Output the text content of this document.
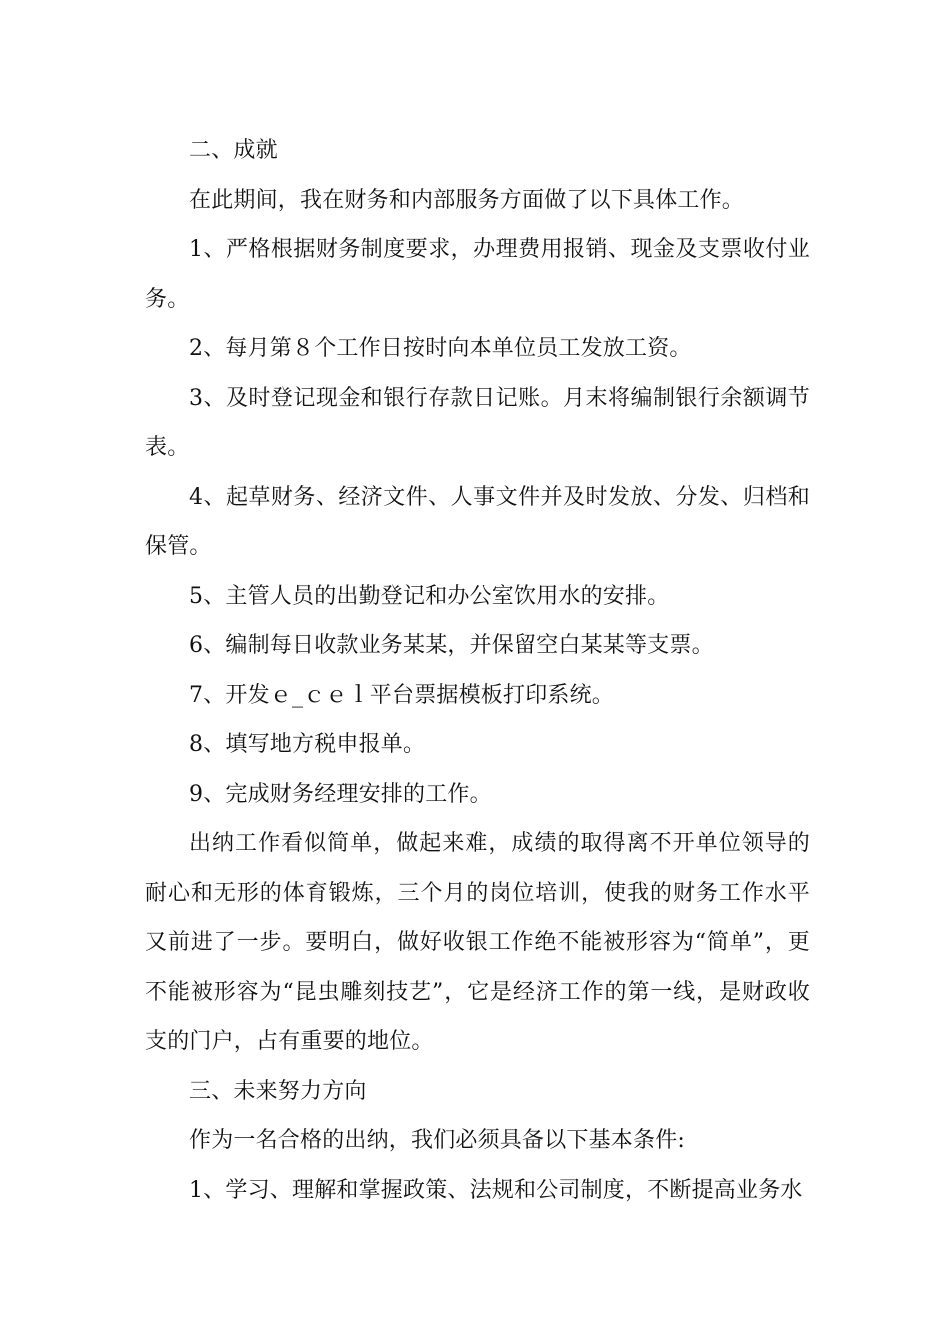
二、成就

在此期间，我在财务和内部服务方面做了以下具体工作。

1、严格根据财务制度要求，办理费用报销、现金及支票收付业务。

2、每月第８个工作日按时向本单位员工发放工资。

3、及时登记现金和银行存款日记账。月末将编制银行余额调节表。

4、起草财务、经济文件、人事文件并及时发放、分发、归档和保管。

5、主管人员的出勤登记和办公室饮用水的安排。

6、编制每日收款业务某某，并保留空白某某等支票。

7、开发ｅ_ｃｅｌ平台票据模板打印系统。

8、填写地方税申报单。

9、完成财务经理安排的工作。

出纳工作看似简单，做起来难，成绩的取得离不开单位领导的耐心和无形的体育锻炼，三个月的岗位培训，使我的财务工作水平又前进了一步。要明白，做好收银工作绝不能被形容为“简单”，更不能被形容为“昆虫雕刻技艺”，它是经济工作的第一线，是财政收支的门户，占有重要的地位。

三、未来努力方向

作为一名合格的出纳，我们必须具备以下基本条件:

1、学习、理解和掌握政策、法规和公司制度，不断提高业务水
